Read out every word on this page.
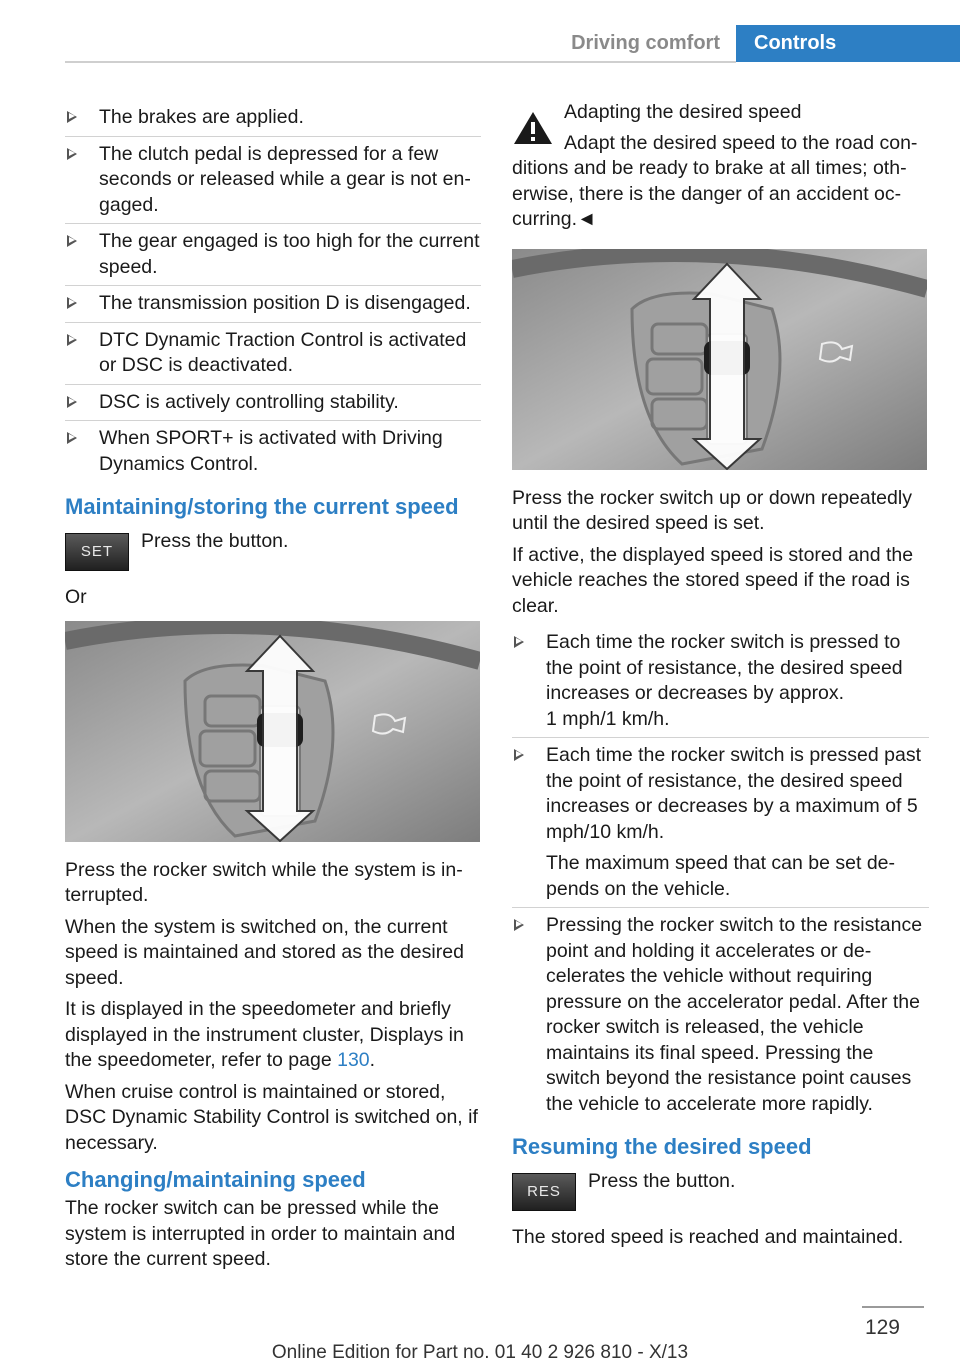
Driving comfort	Controls
The brakes are applied.
The clutch pedal is depressed for a few seconds or released while a gear is not engaged.
The gear engaged is too high for the current speed.
The transmission position D is disengaged.
DTC Dynamic Traction Control is activated or DSC is deactivated.
DSC is actively controlling stability.
When SPORT+ is activated with Driving Dynamics Control.
Maintaining/storing the current speed
SET	Press the button.

Or

Press the rocker switch while the system is interrupted.

When the system is switched on, the current speed is maintained and stored as the desired speed.

It is displayed in the speedometer and briefly displayed in the instrument cluster, Displays in the speedometer, refer to page 130.

When cruise control is maintained or stored, DSC Dynamic Stability Control is switched on, if necessary.

Changing/maintaining speed

The rocker switch can be pressed while the system is interrupted in order to maintain and store the current speed.

Adapting the desired speed
Adapt the desired speed to the road conditions and be ready to brake at all times; otherwise, there is the danger of an accident occurring.◄

Press the rocker switch up or down repeatedly until the desired speed is set.

If active, the displayed speed is stored and the vehicle reaches the stored speed if the road is clear.

Each time the rocker switch is pressed to the point of resistance, the desired speed increases or decreases by approx.
1 mph/1 km/h.
Each time the rocker switch is pressed past the point of resistance, the desired speed increases or decreases by a maximum of 5 mph/10 km/h.
The maximum speed that can be set depends on the vehicle.
Pressing the rocker switch to the resistance point and holding it accelerates or decelerates the vehicle without requiring pressure on the accelerator pedal. After the rocker switch is released, the vehicle maintains its final speed. Pressing the switch beyond the resistance point causes the vehicle to accelerate more rapidly.
Resuming the desired speed
RES	Press the button.

The stored speed is reached and maintained.

129
Online Edition for Part no. 01 40 2 926 810 - X/13
